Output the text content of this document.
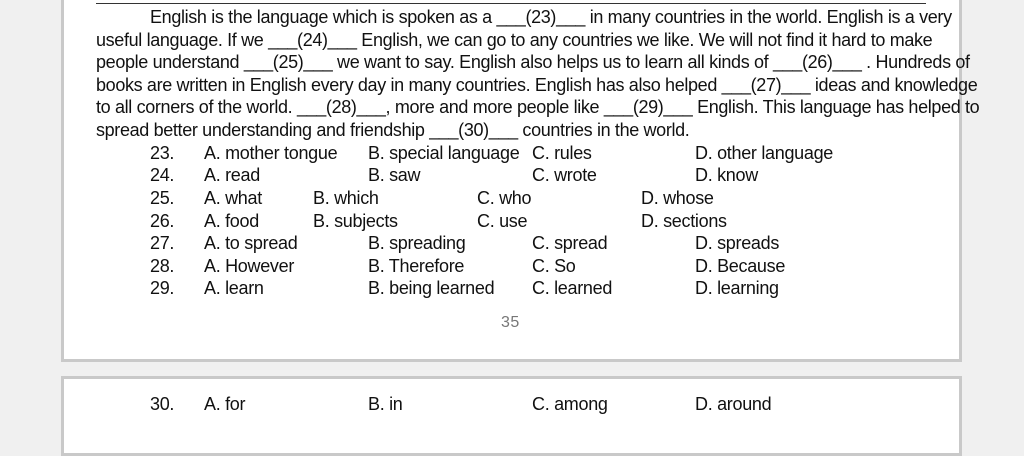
English is the language which is spoken as a ___(23)___ in many countries in the world. English is a very
useful language. If we ___(24)___ English, we can go to any countries we like. We will not find it hard to make
people understand ___(25)___ we want to say. English also helps us to learn all kinds of ___(26)___ . Hundreds of
books are written in English every day in many countries. English has also helped ___(27)___ ideas and knowledge
to all corners of the world. ___(28)___, more and more people like ___(29)___ English. This language has helped to
spread better understanding and friendship ___(30)___ countries in the world.
23. A. mother tongue B. special language C. rules	D. other language
24. A. read	B. saw	C. wrote	D. know
25. A. what	B. which	C. who	D. whose
26. A. food	B. subjects	C. use	D. sections
27. A. to spread	B. spreading	C. spread	D. spreads
28. A. However	B. Therefore	C. So	D. Because
29. A. learn	B. being learned C. learned	D. learning
35
30. A. for	B. in	C. among	D. around
